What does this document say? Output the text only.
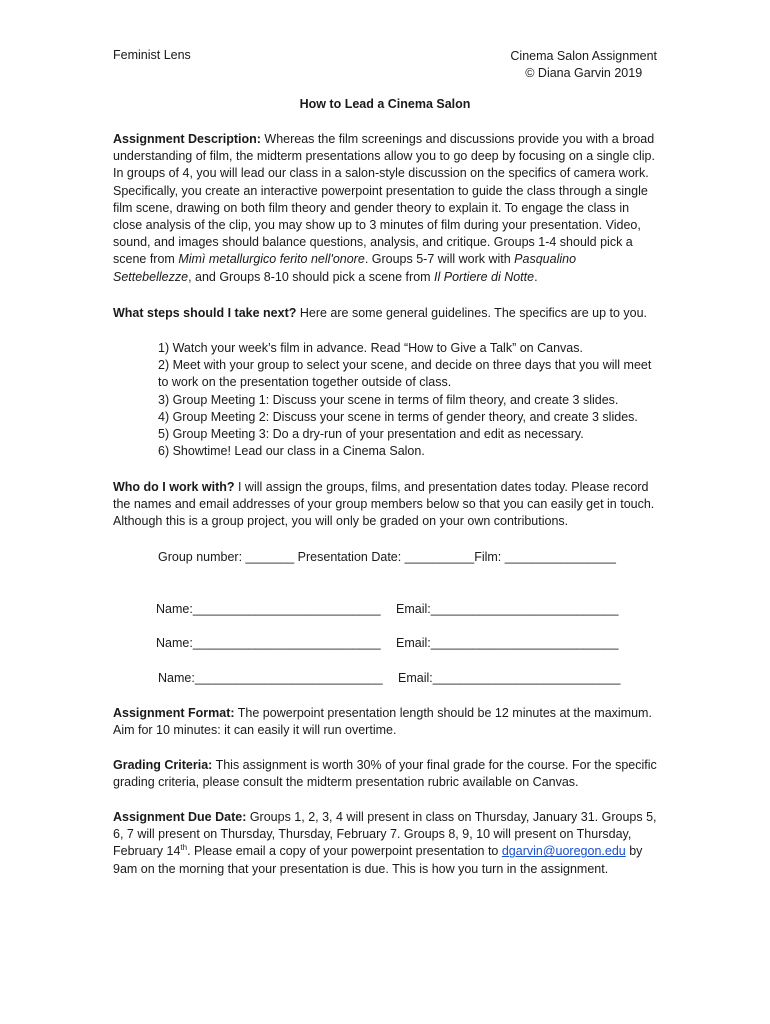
Feminist Lens	Cinema Salon Assignment
© Diana Garvin 2019
How to Lead a Cinema Salon
Assignment Description: Whereas the film screenings and discussions provide you with a broad understanding of film, the midterm presentations allow you to go deep by focusing on a single clip. In groups of 4, you will lead our class in a salon-style discussion on the specifics of camera work. Specifically, you create an interactive powerpoint presentation to guide the class through a single film scene, drawing on both film theory and gender theory to explain it. To engage the class in close analysis of the clip, you may show up to 3 minutes of film during your presentation. Video, sound, and images should balance questions, analysis, and critique. Groups 1-4 should pick a scene from Mimì metallurgico ferito nell'onore. Groups 5-7 will work with Pasqualino Settebellezze, and Groups 8-10 should pick a scene from Il Portiere di Notte.
What steps should I take next? Here are some general guidelines. The specifics are up to you.
1) Watch your week’s film in advance. Read “How to Give a Talk” on Canvas.
2) Meet with your group to select your scene, and decide on three days that you will meet to work on the presentation together outside of class.
3) Group Meeting 1: Discuss your scene in terms of film theory, and create 3 slides.
4) Group Meeting 2: Discuss your scene in terms of gender theory, and create 3 slides.
5) Group Meeting 3: Do a dry-run of your presentation and edit as necessary.
6) Showtime! Lead our class in a Cinema Salon.
Who do I work with? I will assign the groups, films, and presentation dates today. Please record the names and email addresses of your group members below so that you can easily get in touch. Although this is a group project, you will only be graded on your own contributions.
Group number: _______ Presentation Date: __________Film: ________________
Name:___________________________ Email:___________________________
Name:___________________________ Email:___________________________
Name:___________________________ Email:___________________________
Assignment Format: The powerpoint presentation length should be 12 minutes at the maximum. Aim for 10 minutes: it can easily it will run overtime.
Grading Criteria: This assignment is worth 30% of your final grade for the course. For the specific grading criteria, please consult the midterm presentation rubric available on Canvas.
Assignment Due Date: Groups 1, 2, 3, 4 will present in class on Thursday, January 31. Groups 5, 6, 7 will present on Thursday, Thursday, February 7. Groups 8, 9, 10 will present on Thursday, February 14th. Please email a copy of your powerpoint presentation to dgarvin@uoregon.edu by 9am on the morning that your presentation is due. This is how you turn in the assignment.
